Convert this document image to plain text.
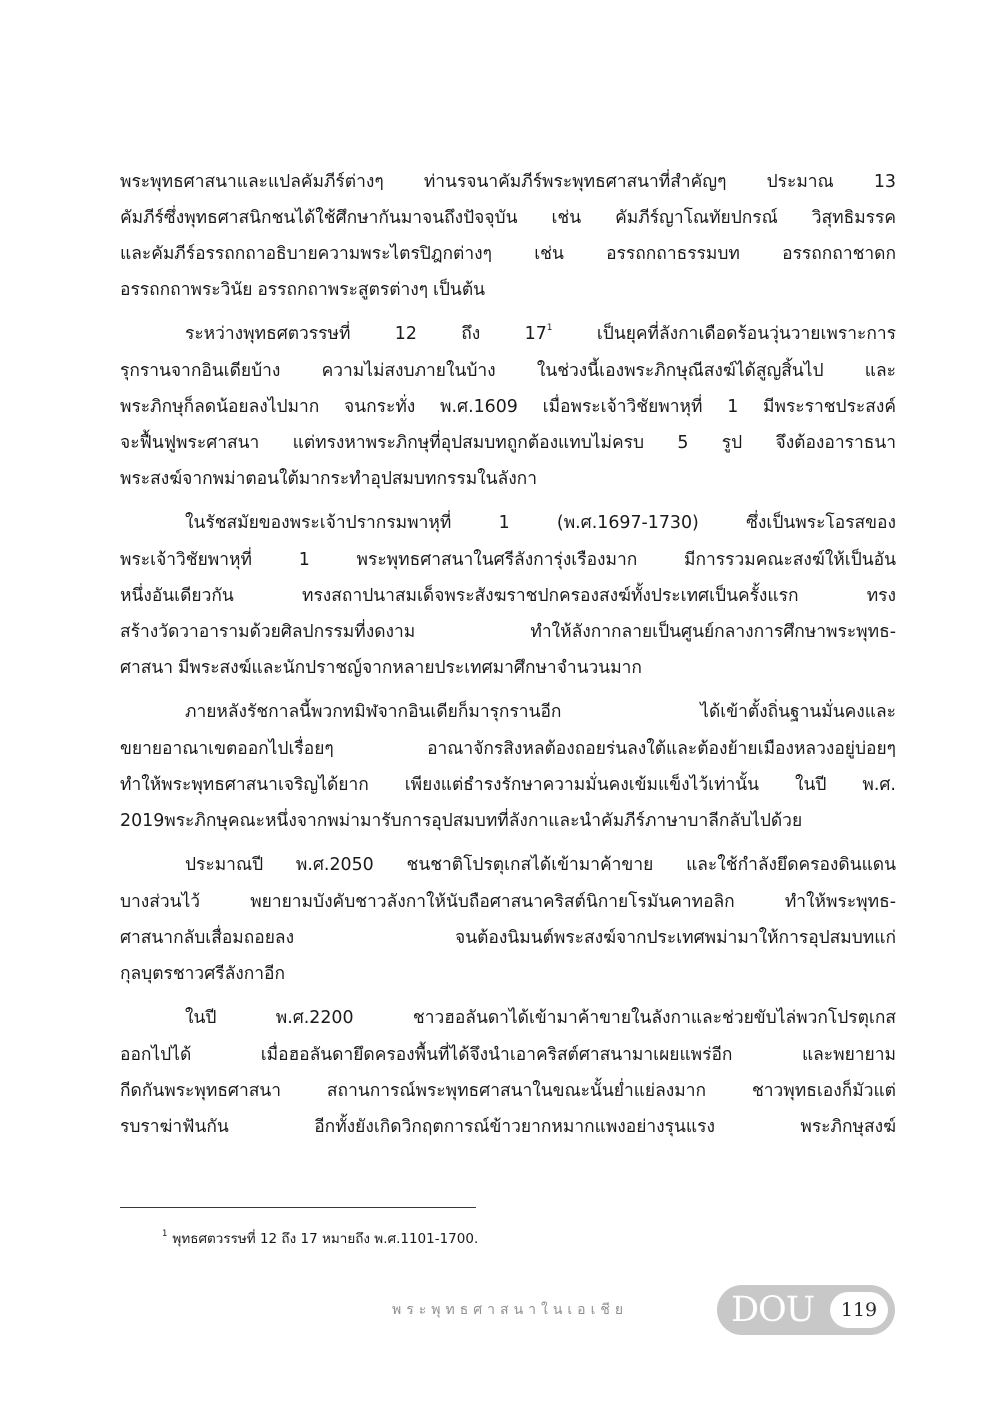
พระพุทธศาสนาและแปลคัมภีร์ต่างๆ ท่านรจนาคัมภีร์พระพุทธศาสนาที่สำคัญๆ ประมาณ 13
คัมภีร์ซึ่งพุทธศาสนิกชนได้ใช้ศึกษากันมาจนถึงปัจจุบัน เช่น คัมภีร์ญาโณทัยปกรณ์ วิสุทธิมรรค
และคัมภีร์อรรถกถาอธิบายความพระไตรปิฎกต่างๆ เช่น อรรถกถาธรรมบท อรรถกถาชาดก
อรรถกถาพระวินัย อรรถกถาพระสูตรต่างๆ เป็นต้น
ระหว่างพุทธศตวรรษที่	12	ถึง	$17^1$	เป็นยุคที่ลังกาเดือดร้อนวุ่นวายเพราะการ
รุกรานจากอินเดียบ้าง ความไม่สงบภายในบ้าง ในช่วงนี้เองพระภิกษุณีสงฆ์ได้สูญสิ้นไป และ
พระภิกษุก็ลดน้อยลงไปมาก จนกระทั่ง พ.ศ.1609 เมื่อพระเจ้าวิชัยพาหุที่ 1 มีพระราชประสงค์
จะฟื้นฟูพระศาสนา แต่ทรงหาพระภิกษุที่อุปสมบทถูกต้องแทบไม่ครบ 5 รูป จึงต้องอาราธนา
พระสงฆ์จากพม่าตอนใต้มากระทำอุปสมบทกรรมในลังกา
ในรัชสมัยของพระเจ้าปรากรมพาหุที่	1	(พ.ศ.1697-1730)	ซึ่งเป็นพระโอรสของ
พระเจ้าวิชัยพาหุที่	1	พระพุทธศาสนาในศรีลังการุ่งเรืองมาก	มีการรวมคณะสงฆ์ให้เป็นอัน
หนึ่งอันเดียวกัน	ทรงสถาปนาสมเด็จพระสังฆราชปกครองสงฆ์ทั้งประเทศเป็นครั้งแรก	ทรง
สร้างวัดวาอารามด้วยศิลปกรรมที่งดงาม	ทำให้ลังกากลายเป็นศูนย์กลางการศึกษาพระพุทธ-
ศาสนา มีพระสงฆ์และนักปราชญ์จากหลายประเทศมาศึกษาจำนวนมาก
ภายหลังรัชกาลนี้พวกทมิฬจากอินเดียก็มารุกรานอีก	ได้เข้าตั้งถิ่นฐานมั่นคงและ
ขยายอาณาเขตออกไปเรื่อยๆ	อาณาจักรสิงหลต้องถอยร่นลงใต้และต้องย้ายเมืองหลวงอยู่บ่อยๆ
ทำให้พระพุทธศาสนาเจริญได้ยาก เพียงแต่ธำรงรักษาความมั่นคงเข้มแข็งไว้เท่านั้น ในปี พ.ศ.
2019พระภิกษุคณะหนึ่งจากพม่ามารับการอุปสมบทที่ลังกาและนำคัมภีร์ภาษาบาลีกลับไปด้วย
ประมาณปี พ.ศ.2050 ชนชาติโปรตุเกสได้เข้ามาค้าขาย และใช้กำลังยึดครองดินแดน
บางส่วนไว้	พยายามบังคับชาวลังกาให้นับถือศาสนาคริสต์นิกายโรมันคาทอลิก	ทำให้พระพุทธ-
ศาสนากลับเสื่อมถอยลง	จนต้องนิมนต์พระสงฆ์จากประเทศพม่ามาให้การอุปสมบทแก่
กุลบุตรชาวศรีลังกาอีก
ในปี	พ.ศ.2200	ชาวฮอลันดาได้เข้ามาค้าขายในลังกาและช่วยขับไล่พวกโปรตุเกส
ออกไปได้	เมื่อฮอลันดายึดครองพื้นที่ได้จึงนำเอาคริสต์ศาสนามาเผยแพร่อีก	และพยายาม
กีดกันพระพุทธศาสนา	สถานการณ์พระพุทธศาสนาในขณะนั้นย่ำแย่ลงมาก	ชาวพุทธเองก็มัวแต่
รบราฆ่าฟันกัน	อีกทั้งยังเกิดวิกฤตการณ์ข้าวยากหมากแพงอย่างรุนแรง	พระภิกษุสงฆ์
$^1$ พุทธศตวรรษที่ 12 ถึง 17 หมายถึง พ.ศ.1101-1700.
พระพุทธศาสนาในเอเชีย	DOU	119
